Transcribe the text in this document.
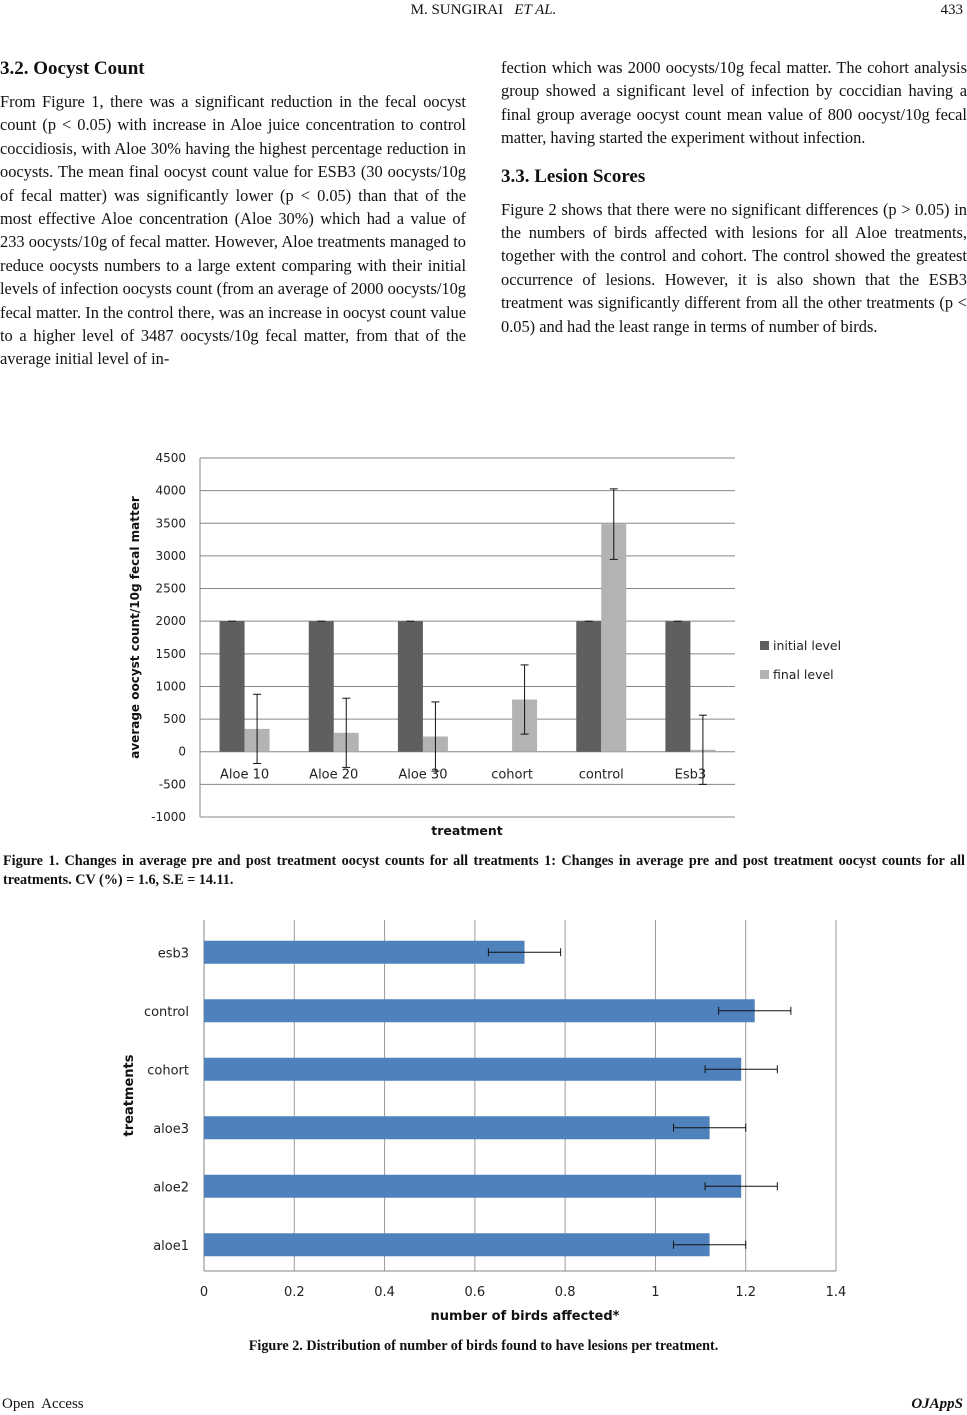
M. SUNGIRAI ET AL.	433
3.2. Oocyst Count

From Figure 1, there was a significant reduction in the fecal oocyst count (p < 0.05) with increase in Aloe juice concentration to control coccidiosis, with Aloe 30% having the highest percentage reduction in oocysts. The mean final oocyst count value for ESB3 (30 oocysts/10g of fecal matter) was significantly lower (p < 0.05) than that of the most effective Aloe concentration (Aloe 30%) which had a value of 233 oocysts/10g of fecal matter. However, Aloe treatments managed to reduce oocysts numbers to a large extent comparing with their initial levels of infection oocysts count (from an average of 2000 oocysts/10g fecal matter. In the control there, was an increase in oocyst count value to a higher level of 3487 oocysts/10g fecal matter, from that of the average initial level of in-

fection which was 2000 oocysts/10g fecal matter. The cohort analysis group showed a significant level of infection by coccidian having a final group average oocyst count mean value of 800 oocyst/10g fecal matter, having started the experiment without infection.

3.3. Lesion Scores

Figure 2 shows that there were no significant differences (p > 0.05) in the numbers of birds affected with lesions for all Aloe treatments, together with the control and cohort. The control showed the greatest occurrence of lesions. However, it is also shown that the ESB3 treatment was significantly different from all the other treatments (p < 0.05) and had the least range in terms of number of birds.

4500
4000
3500
3000
2500
2000
1500
1000
500
0
-500
-1000
average oocyst count/10g fecal matter
Aloe 10	Aloe 20	Aloe 30	cohort	control	Esb3
treatment
initial level
final level
Figure 1. Changes in average pre and post treatment oocyst counts for all treatments 1: Changes in average pre and post treatment oocyst counts for all treatments. CV (%) = 1.6, S.E = 14.11.
0	0.2	0.4	0.6	0.8	1	1.2	1.4
aloe1
aloe2
aloe3
cohort
control
esb3
treatments
number of birds affected*
Figure 2. Distribution of number of birds found to have lesions per treatment.
Open  Access	OJAppS
